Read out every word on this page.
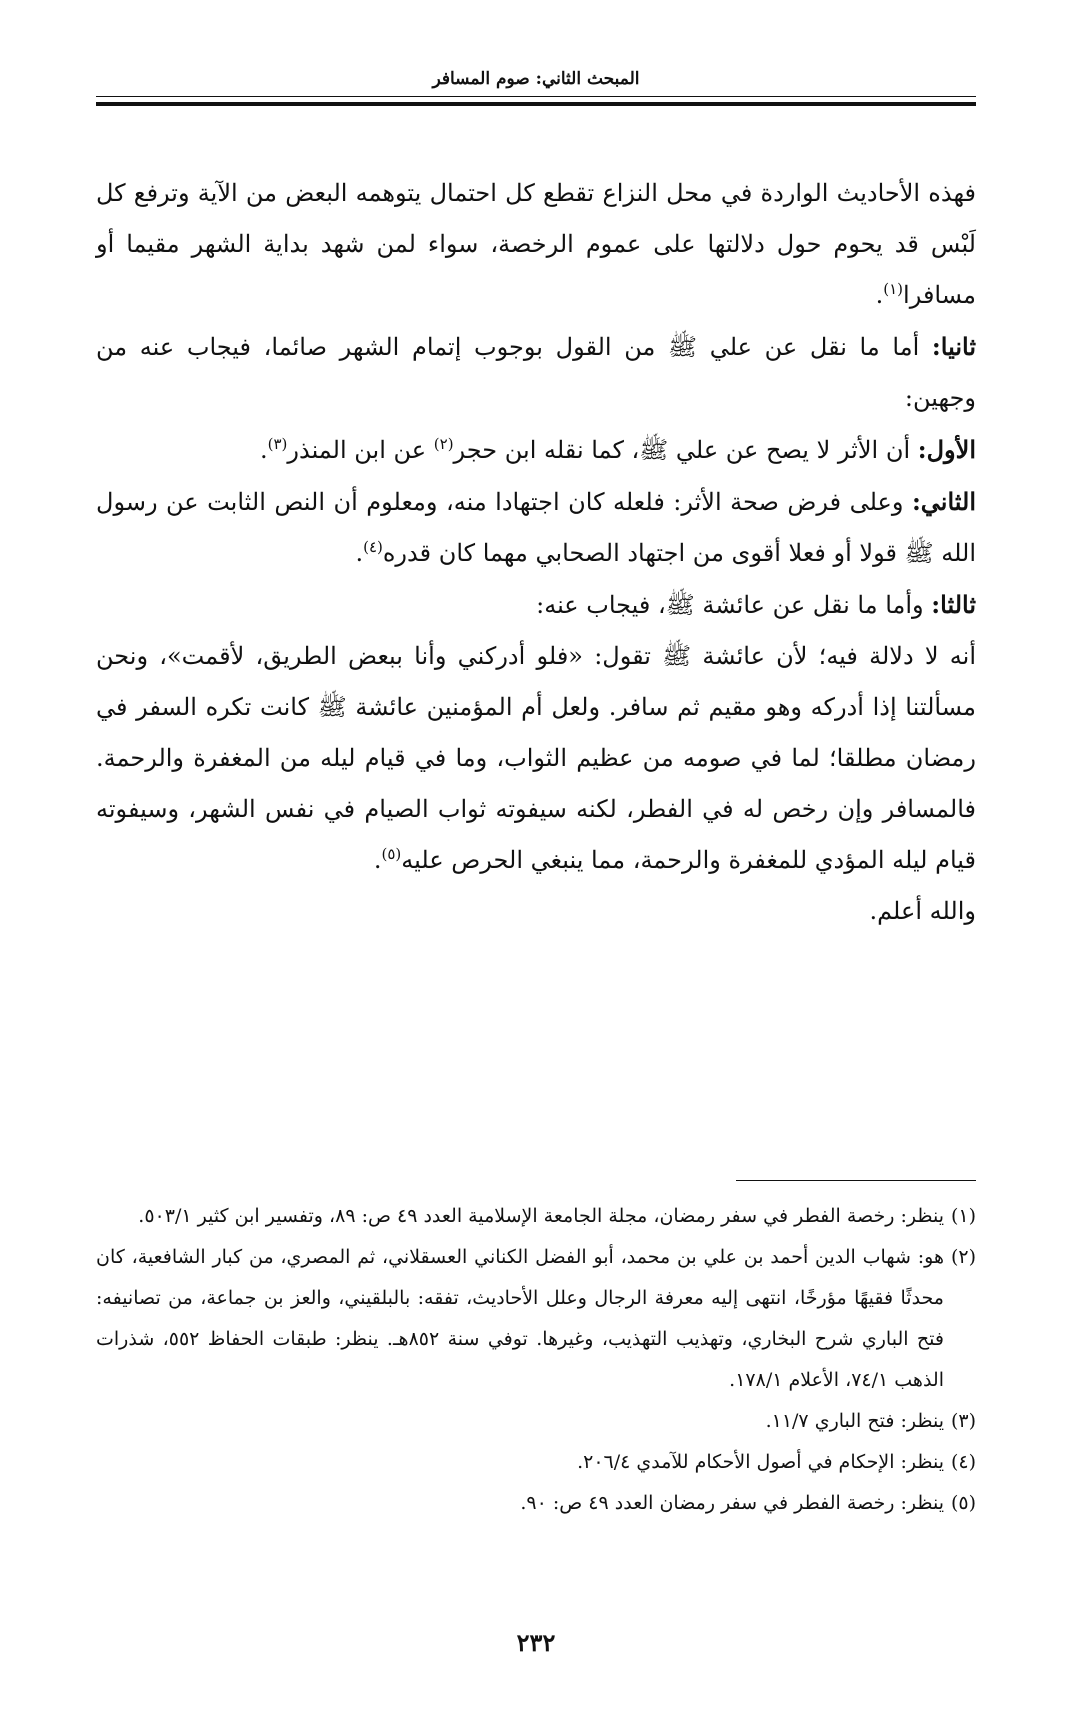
المبحث الثاني: صوم المسافر

فهذه الأحاديث الواردة في محل النزاع تقطع كل احتمال يتوهمه البعض من الآية وترفع كل لَبْس قد يحوم حول دلالتها على عموم الرخصة، سواء لمن شهد بداية الشهر مقيما أو مسافرا$^{(١)}$.

ثانيا: أما ما نقل عن علي ﷺ من القول بوجوب إتمام الشهر صائما، فيجاب عنه من وجهين:

الأول: أن الأثر لا يصح عن علي ﷺ، كما نقله ابن حجر$^{(٢)}$ عن ابن المنذر$^{(٣)}$.

الثاني: وعلى فرض صحة الأثر: فلعله كان اجتهادا منه، ومعلوم أن النص الثابت عن رسول الله ﷺ قولا أو فعلا أقوى من اجتهاد الصحابي مهما كان قدره$^{(٤)}$.

ثالثا: وأما ما نقل عن عائشة ﷺ، فيجاب عنه:

أنه لا دلالة فيه؛ لأن عائشة ﷺ تقول: «فلو أدركني وأنا ببعض الطريق، لأقمت»، ونحن مسألتنا إذا أدركه وهو مقيم ثم سافر. ولعل أم المؤمنين عائشة ﷺ كانت تكره السفر في رمضان مطلقا؛ لما في صومه من عظيم الثواب، وما في قيام ليله من المغفرة والرحمة. فالمسافر وإن رخص له في الفطر، لكنه سيفوته ثواب الصيام في نفس الشهر، وسيفوته قيام ليله المؤدي للمغفرة والرحمة، مما ينبغي الحرص عليه$^{(٥)}$.

والله أعلم.

(١)
ينظر: رخصة الفطر في سفر رمضان، مجلة الجامعة الإسلامية العدد ٤٩ ص: ٨٩، وتفسير ابن كثير ٥٠٣/١.

(٢)
هو: شهاب الدين أحمد بن علي بن محمد، أبو الفضل الكناني العسقلاني، ثم المصري، من كبار الشافعية، كان محدثًا فقيهًا مؤرخًا، انتهى إليه معرفة الرجال وعلل الأحاديث، تفقه: بالبلقيني، والعز بن جماعة، من تصانيفه: فتح الباري شرح البخاري، وتهذيب التهذيب، وغيرها. توفي سنة ٨٥٢هـ. ينظر: طبقات الحفاظ ٥٥٢، شذرات الذهب ٧٤/١، الأعلام ١٧٨/١.

(٣)
ينظر: فتح الباري ١١/٧.

(٤)
ينظر: الإحكام في أصول الأحكام للآمدي ٢٠٦/٤.

(٥)
ينظر: رخصة الفطر في سفر رمضان العدد ٤٩ ص: ٩٠.

٢٣٢
